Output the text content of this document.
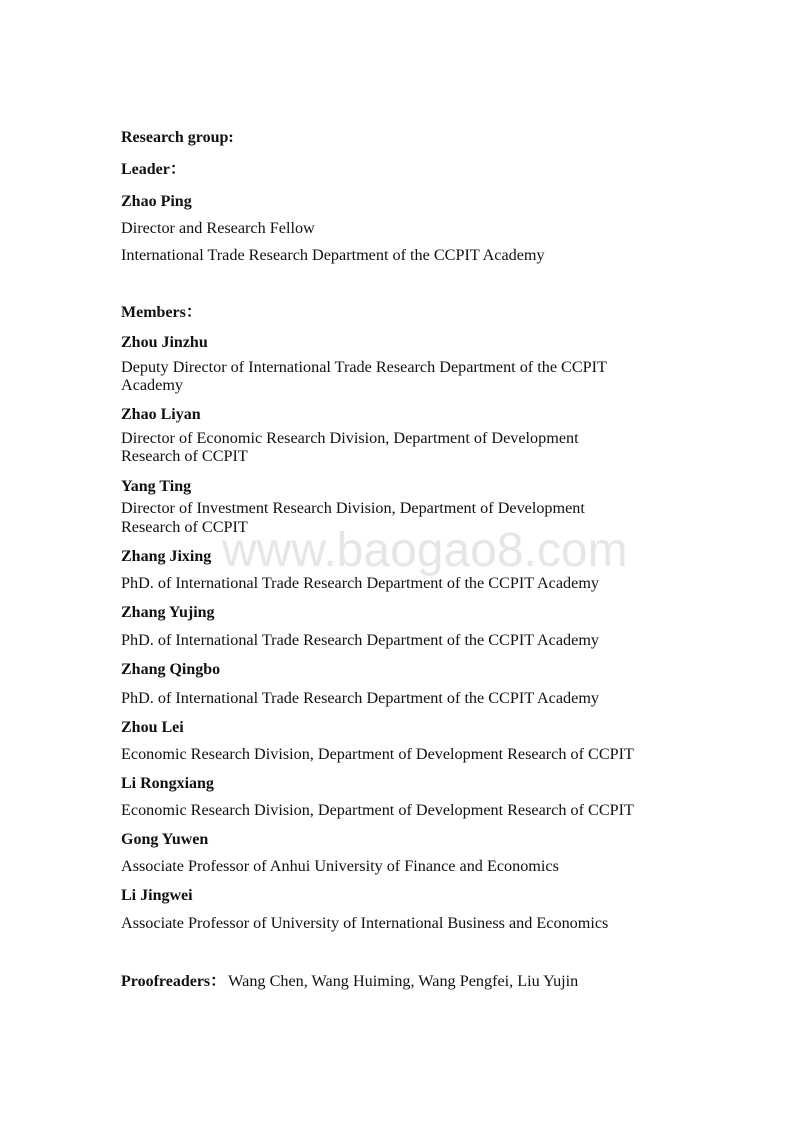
www.baogao8.com
Research group:
Leader：
Zhao Ping
Director and Research Fellow
International Trade Research Department of the CCPIT Academy
Members：
Zhou Jinzhu
Deputy Director of International Trade Research Department of the CCPIT
Academy
Zhao Liyan
Director of Economic Research Division, Department of Development
Research of CCPIT
Yang Ting
Director of Investment Research Division, Department of Development
Research of CCPIT
Zhang Jixing
PhD. of International Trade Research Department of the CCPIT Academy
Zhang Yujing
PhD. of International Trade Research Department of the CCPIT Academy
Zhang Qingbo
PhD. of International Trade Research Department of the CCPIT Academy
Zhou Lei
Economic Research Division, Department of Development Research of CCPIT
Li Rongxiang
Economic Research Division, Department of Development Research of CCPIT
Gong Yuwen
Associate Professor of Anhui University of Finance and Economics
Li Jingwei
Associate Professor of University of International Business and Economics
Proofreaders： Wang Chen, Wang Huiming, Wang Pengfei, Liu Yujin
